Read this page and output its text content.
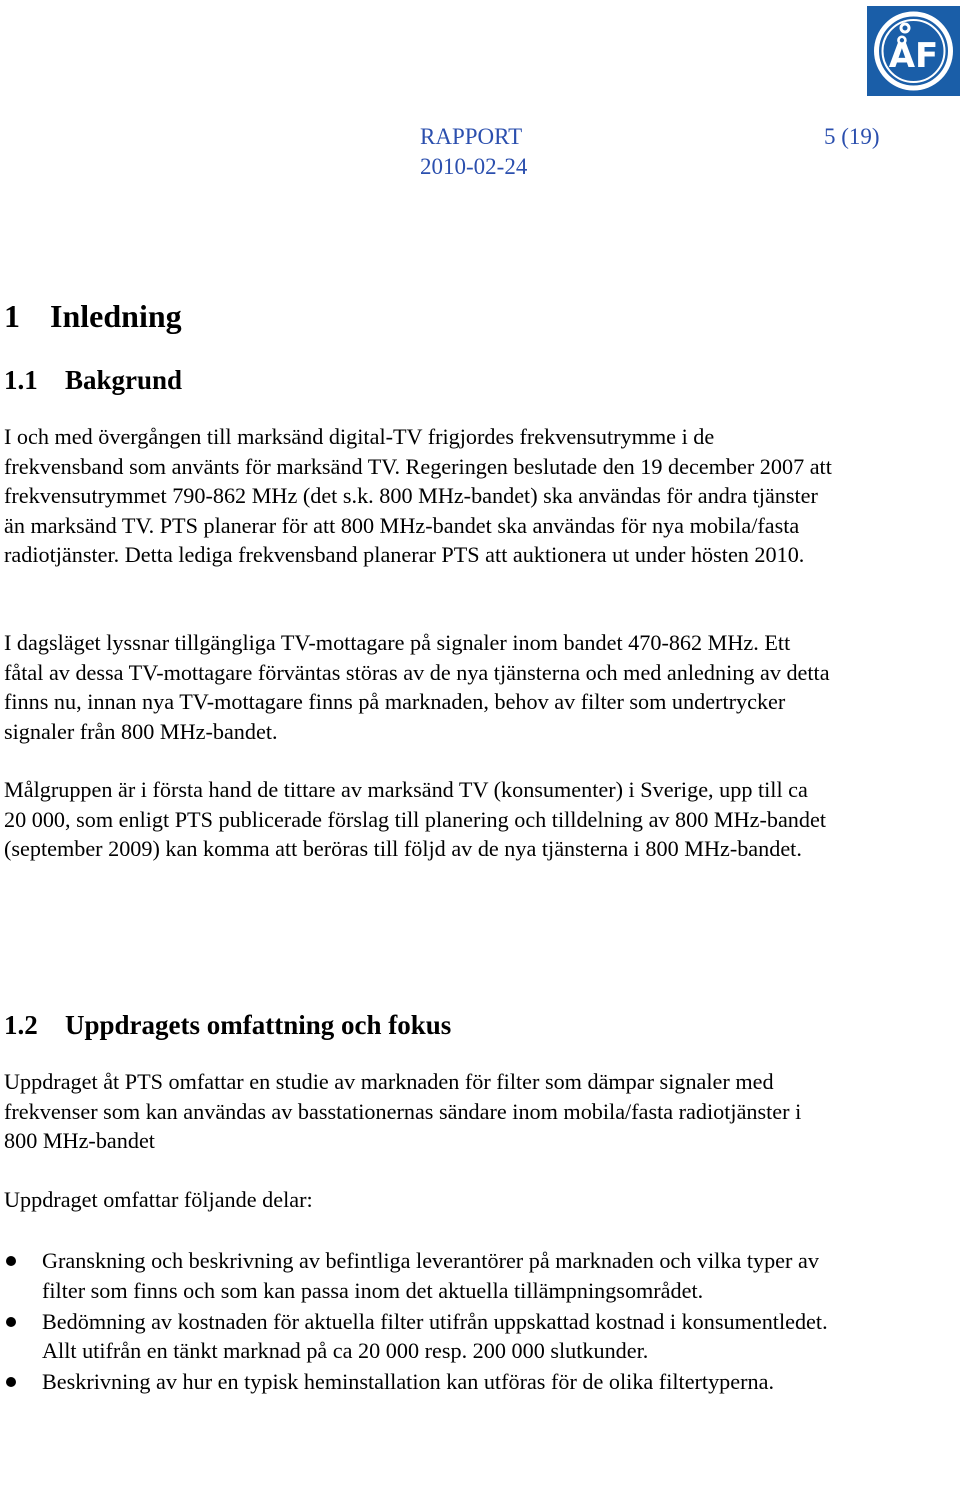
ÅF
RAPPORT
2010-02-24
5 (19)
1 Inledning
1.1 Bakgrund

I och med övergången till marksänd digital-TV frigjordes frekvensutrymme i de frekvensband som använts för marksänd TV. Regeringen beslutade den 19 december 2007 att frekvensutrymmet 790-862 MHz (det s.k. 800 MHz-bandet) ska användas för andra tjänster än marksänd TV. PTS planerar för att 800 MHz-bandet ska användas för nya mobila/fasta radiotjänster. Detta lediga frekvensband planerar PTS att auktionera ut under hösten 2010.

I dagsläget lyssnar tillgängliga TV-mottagare på signaler inom bandet 470-862 MHz. Ett fåtal av dessa TV-mottagare förväntas störas av de nya tjänsterna och med anledning av detta finns nu, innan nya TV-mottagare finns på marknaden, behov av filter som undertrycker signaler från 800 MHz-bandet.

Målgruppen är i första hand de tittare av marksänd TV (konsumenter) i Sverige, upp till ca 20 000, som enligt PTS publicerade förslag till planering och tilldelning av 800 MHz-bandet (september 2009) kan komma att beröras till följd av de nya tjänsterna i 800 MHz-bandet.

1.2 Uppdragets omfattning och fokus

Uppdraget åt PTS omfattar en studie av marknaden för filter som dämpar signaler med frekvenser som kan användas av basstationernas sändare inom mobila/fasta radiotjänster i 800 MHz-bandet

Uppdraget omfattar följande delar:

Granskning och beskrivning av befintliga leverantörer på marknaden och vilka typer av filter som finns och som kan passa inom det aktuella tillämpningsområdet.
Bedömning av kostnaden för aktuella filter utifrån uppskattad kostnad i konsumentledet. Allt utifrån en tänkt marknad på ca 20 000 resp. 200 000 slutkunder.
Beskrivning av hur en typisk heminstallation kan utföras för de olika filtertyperna.
